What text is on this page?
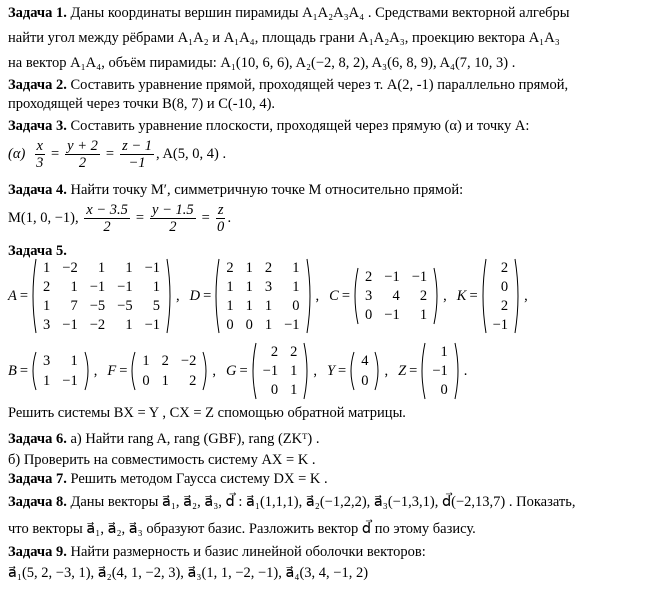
Задача 1. Даны координаты вершин пирамиды A₁A₂A₃A₄ . Средствами векторной алгебры
найти угол между рёбрами A₁A₂ и A₁A₄, площадь грани A₁A₂A₃, проекцию вектора A₁A₃
на вектор A₁A₄, объём пирамиды: A₁(10, 6, 6), A₂(−2, 8, 2), A₃(6, 8, 9), A₄(7, 10, 3) .
Задача 2. Составить уравнение прямой, проходящей через т. A(2, -1) параллельно прямой,
проходящей через точки B(8, 7) и C(-10, 4).
Задача 3. Составить уравнение плоскости, проходящей через прямую (α) и точку А:
(α)
$\frac{x}{3} = \frac{y + 2}{2} = \frac{z - 1}{-1}$ , A(5, 0, 4) .
Задача 4. Найти точку M′, симметричную точке M относительно прямой:
M(1, 0, −1),
$\frac{x - 3.5}{2} = \frac{y - 1.5}{2} = \frac{z}{0}$ .
Задача 5.
A =
1	−2	1	1	−1
2	1	−1	−1	1
1	7	−5	−5	5
3	−1	−2	1	−1
, D =
2	1	2	1
1	1	3	1
1	1	1	0
0	0	1	−1
, C =
2	−1	−1
3	4	2
0	−1	1
, K =
2
0
2
−1
,
B =
3	1
1	−1
, F =
1	2	−2
0	1	2
, G =
2	2
−1	1
0	1
, Y =
4
0
, Z =
1
−1
0
.
Решить системы BX = Y , CX = Z спомощью обратной матрицы.
Задача 6. а) Найти rang A, rang (GBF), rang (ZKᵀ) .
б) Проверить на совместимость систему AX = K .
Задача 7. Решить методом Гаусса систему DX = K .
Задача 8. Даны векторы a⃗₁, a⃗₂, a⃗₃, d⃗ : a⃗₁(1,1,1), a⃗₂(−1,2,2), a⃗₃(−1,3,1), d⃗(−2,13,7) . Показать,
что векторы a⃗₁, a⃗₂, a⃗₃ образуют базис. Разложить вектор d⃗ по этому базису.
Задача 9. Найти размерность и базис линейной оболочки векторов:
a⃗₁(5, 2, −3, 1), a⃗₂(4, 1, −2, 3), a⃗₃(1, 1, −2, −1), a⃗₄(3, 4, −1, 2)
